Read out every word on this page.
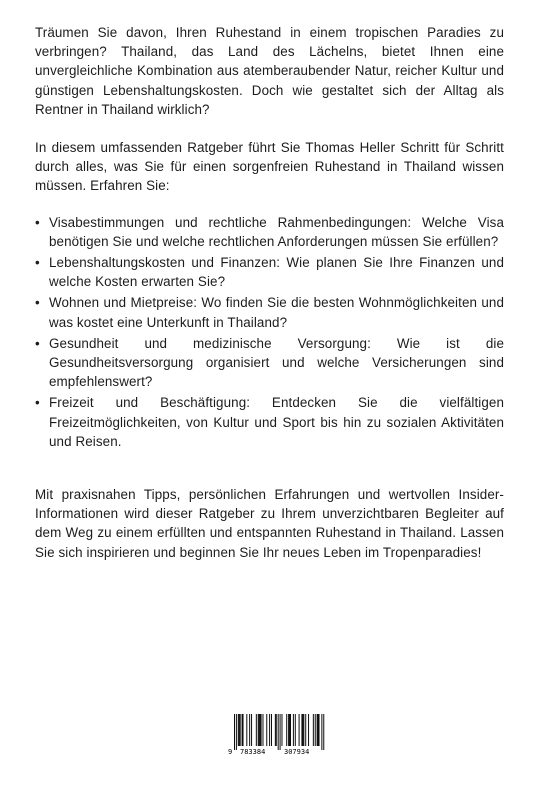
Träumen Sie davon, Ihren Ruhestand in einem tropischen Paradies zu verbringen? Thailand, das Land des Lächelns, bietet Ihnen eine unvergleichliche Kombination aus atemberaubender Natur, reicher Kultur und günstigen Lebenshaltungskosten. Doch wie gestaltet sich der Alltag als Rentner in Thailand wirklich?

In diesem umfassenden Ratgeber führt Sie Thomas Heller Schritt für Schritt durch alles, was Sie für einen sorgenfreien Ruhestand in Thailand wissen müssen. Erfahren Sie:

• Visabestimmungen und rechtliche Rahmenbedingungen: Welche Visa benötigen Sie und welche rechtlichen Anforderungen müssen Sie erfüllen?
• Lebenshaltungskosten und Finanzen: Wie planen Sie Ihre Finanzen und welche Kosten erwarten Sie?
• Wohnen und Mietpreise: Wo finden Sie die besten Wohnmöglichkeiten und was kostet eine Unterkunft in Thailand?
• Gesundheit und medizinische Versorgung: Wie ist die Gesundheitsversorgung organisiert und welche Versicherungen sind empfehlenswert?
• Freizeit und Beschäftigung: Entdecken Sie die vielfältigen Freizeitmöglichkeiten, von Kultur und Sport bis hin zu sozialen Aktivitäten und Reisen.

Mit praxisnahen Tipps, persönlichen Erfahrungen und wertvollen Insider-Informationen wird dieser Ratgeber zu Ihrem unverzichtbaren Begleiter auf dem Weg zu einem erfüllten und entspannten Ruhestand in Thailand. Lassen Sie sich inspirieren und beginnen Sie Ihr neues Leben im Tropenparadies!

9 783384	307934
